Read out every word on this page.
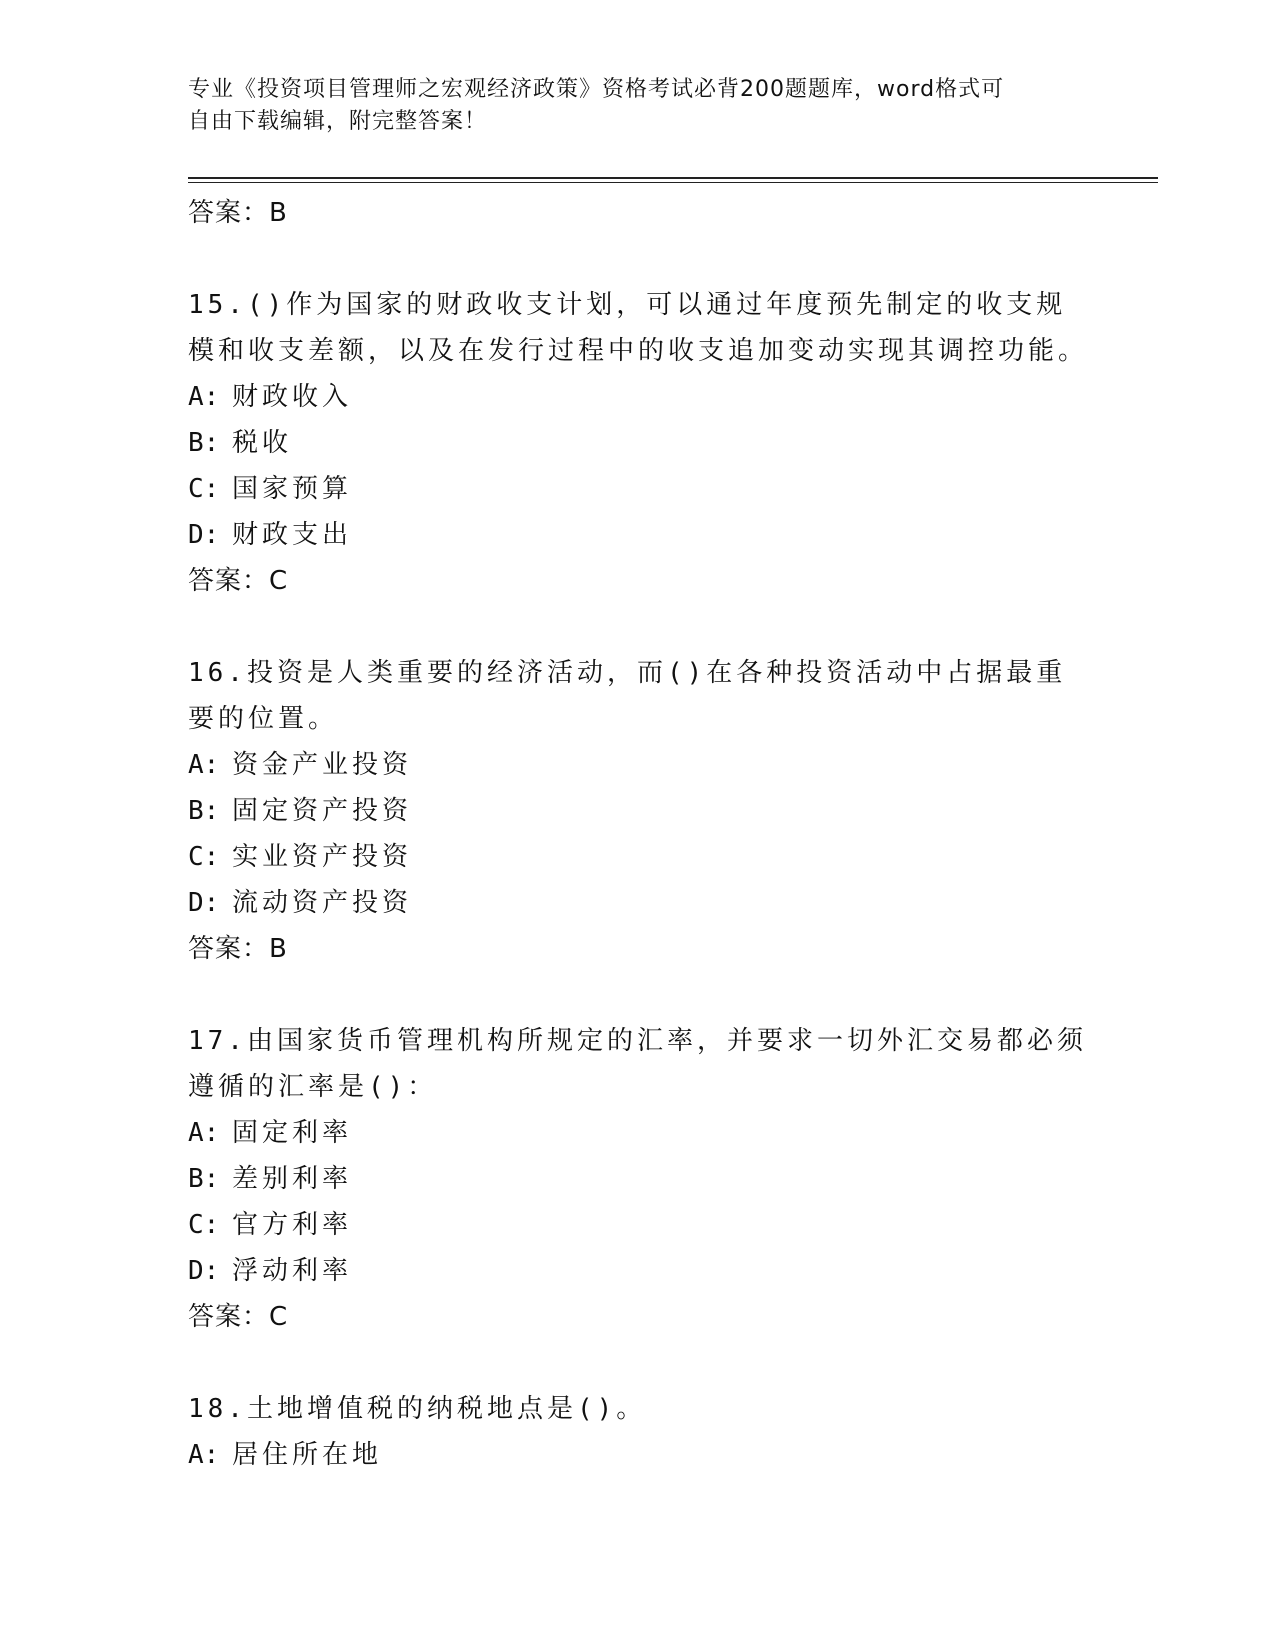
专业《投资项目管理师之宏观经济政策》资格考试必背200题题库，word格式可
自由下载编辑，附完整答案！
答案：B
15.()作为国家的财政收支计划，可以通过年度预先制定的收支规模和收支差额，以及在发行过程中的收支追加变动实现其调控功能。
A: 财政收入
B: 税收
C: 国家预算
D: 财政支出
答案：C
16.投资是人类重要的经济活动，而()在各种投资活动中占据最重要的位置。
A: 资金产业投资
B: 固定资产投资
C: 实业资产投资
D: 流动资产投资
答案：B
17.由国家货币管理机构所规定的汇率，并要求一切外汇交易都必须遵循的汇率是()：
A: 固定利率
B: 差别利率
C: 官方利率
D: 浮动利率
答案：C
18.土地增值税的纳税地点是()。
A: 居住所在地
